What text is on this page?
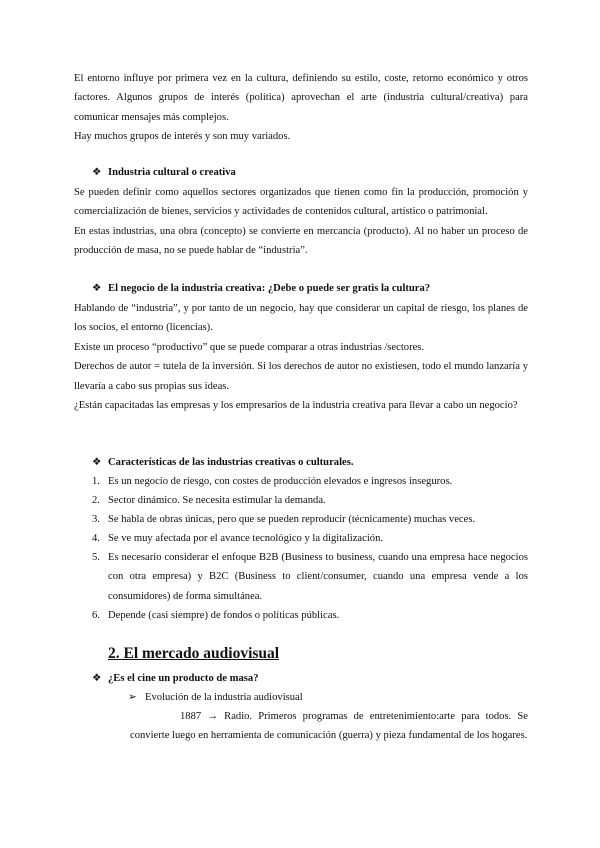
El entorno influye por primera vez en la cultura, definiendo su estilo, coste, retorno económico y otros factores. Algunos grupos de interés (política) aprovechan el arte (industria cultural/creativa) para comunicar mensajes más complejos.

Hay muchos grupos de interés y son muy variados.

❖ Industria cultural o creativa

Se pueden definir como aquellos sectores organizados que tienen como fin la producción, promoción y comercialización de bienes, servicios y actividades de contenidos cultural, artístico o patrimonial.

En estas industrias, una obra (concepto) se convierte en mercancía (producto). Al no haber un proceso de producción de masa, no se puede hablar de “industria”.

❖ El negocio de la industria creativa: ¿Debe o puede ser gratis la cultura?

Hablando de “industria”, y por tanto de un negocio, hay que considerar un capital de riesgo, los planes de los socios, el entorno (licencias).

Existe un proceso “productivo” que se puede comparar a otras industrias /sectores.

Derechos de autor = tutela de la inversión. Si los derechos de autor no existiesen, todo el mundo lanzaría y llevaría a cabo sus propias sus ideas.

¿Están capacitadas las empresas y los empresarios de la industria creativa para llevar a cabo un negocio?

❖ Características de las industrias creativas o culturales.
1. Es un negocio de riesgo, con costes de producción elevados e ingresos inseguros.
2. Sector dinámico. Se necesita estimular la demanda.
3. Se habla de obras únicas, pero que se pueden reproducir (técnicamente) muchas veces.
4. Se ve muy afectada por el avance tecnológico y la digitalización.
5. Es necesario considerar el enfoque B2B (Business to business, cuando una empresa hace negocios con otra empresa) y B2C (Business to client/consumer, cuando una empresa vende a los consumidores) de forma simultánea.
6. Depende (casi siempre) de fondos o políticas públicas.
2. El mercado audiovisual
❖ ¿Es el cine un producto de masa?
➢ Evolución de la industria audiovisual

1887 → Radio. Primeros programas de entretenimiento:arte para todos. Se convierte luego en herramienta de comunicación (guerra) y pieza fundamental de los hogares.
